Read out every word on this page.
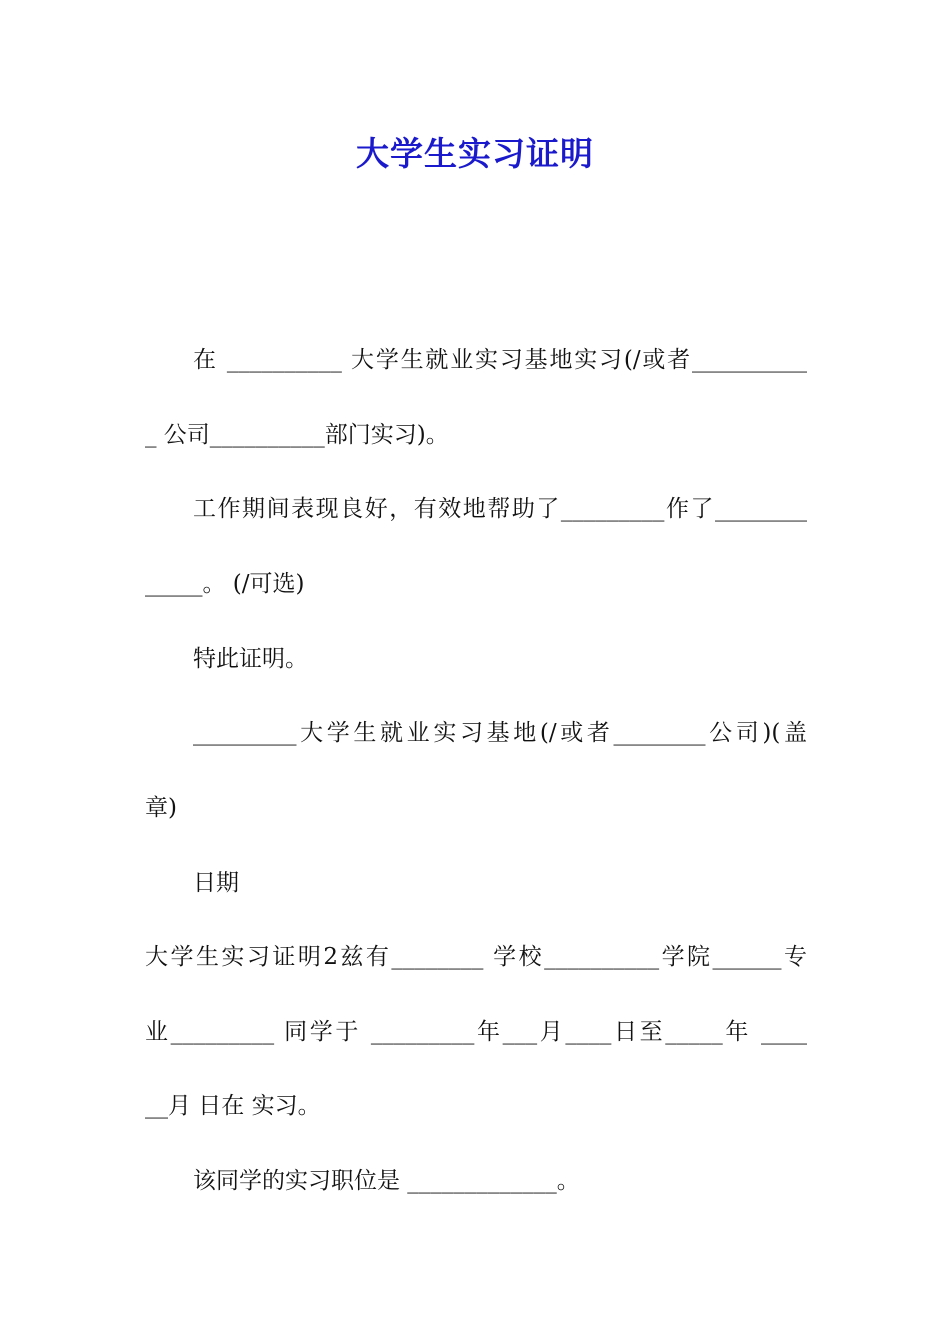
大学生实习证明
在 __________ 大学生就业实习基地实习(/或者__________
_ 公司__________部门实习)。
工作期间表现良好，有效地帮助了_________作了________
_____。 (/可选)
特此证明。
_________大学生就业实习基地(/或者________公司)(盖
章)
日期
大学生实习证明2兹有________ 学校__________学院______专
业_________ 同学于 _________年___月____日至_____年 ____
__月 日在 实习。
该同学的实习职位是 _____________。
